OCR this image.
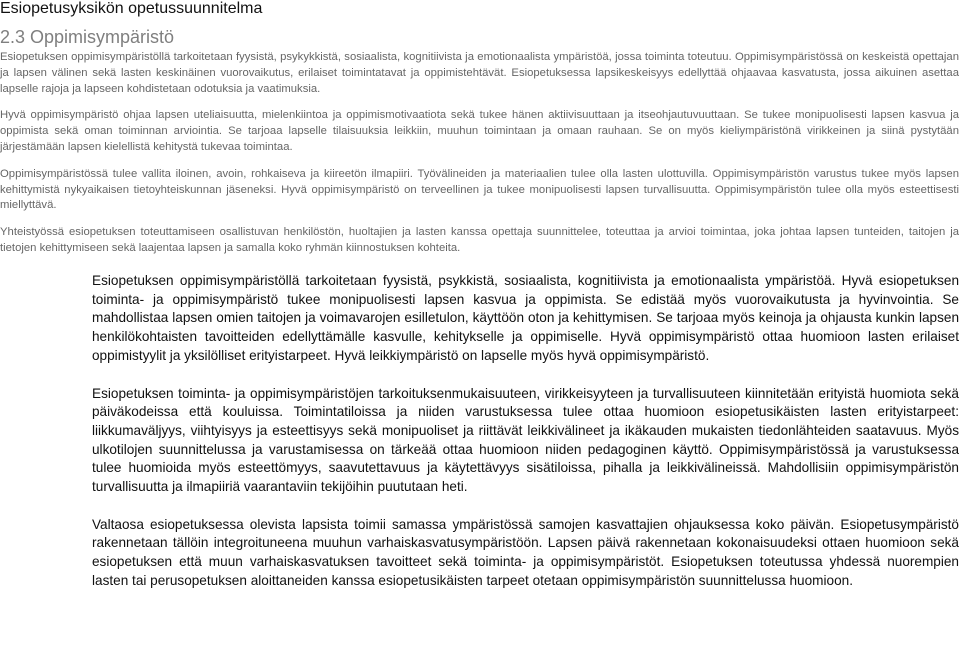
Esiopetusyksikön opetussuunnitelma
2.3 Oppimisympäristö

Esiopetuksen oppimisympäristöllä tarkoitetaan fyysistä, psykykkistä, sosiaalista, kognitiivista ja emotionaalista ympäristöä, jossa toiminta toteutuu. Oppimisympäristössä on keskeistä opettajan ja lapsen välinen sekä lasten keskinäinen vuorovaikutus, erilaiset toimintatavat ja oppimistehtävät. Esiopetuksessa lapsikeskeisyys edellyttää ohjaavaa kasvatusta, jossa aikuinen asettaa lapselle rajoja ja lapseen kohdistetaan odotuksia ja vaatimuksia.

Hyvä oppimisympäristö ohjaa lapsen uteliaisuutta, mielenkiintoa ja oppimismotivaatiota sekä tukee hänen aktiivisuuttaan ja itseohjautuvuuttaan. Se tukee monipuolisesti lapsen kasvua ja oppimista sekä oman toiminnan arviointia. Se tarjoaa lapselle tilaisuuksia leikkiin, muuhun toimintaan ja omaan rauhaan. Se on myös kieliympäristönä virikkeinen ja siinä pystytään järjestämään lapsen kielellistä kehitystä tukevaa toimintaa.

Oppimisympäristössä tulee vallita iloinen, avoin, rohkaiseva ja kiireetön ilmapiiri. Työvälineiden ja materiaalien tulee olla lasten ulottuvilla. Oppimisympäristön varustus tukee myös lapsen kehittymistä nykyaikaisen tietoyhteiskunnan jäseneksi. Hyvä oppimisympäristö on terveellinen ja tukee monipuolisesti lapsen turvallisuutta. Oppimisympäristön tulee olla myös esteettisesti miellyttävä.

Yhteistyössä esiopetuksen toteuttamiseen osallistuvan henkilöstön, huoltajien ja lasten kanssa opettaja suunnittelee, toteuttaa ja arvioi toimintaa, joka johtaa lapsen tunteiden, taitojen ja tietojen kehittymiseen sekä laajentaa lapsen ja samalla koko ryhmän kiinnostuksen kohteita.

Esiopetuksen oppimisympäristöllä tarkoitetaan fyysistä, psykkistä, sosiaalista, kognitiivista ja emotionaalista ympäristöä. Hyvä esiopetuksen toiminta- ja oppimisympäristö tukee monipuolisesti lapsen kasvua ja oppimista. Se edistää myös vuorovaikutusta ja hyvinvointia. Se mahdollistaa lapsen omien taitojen ja voimavarojen esilletulon, käyttöön oton ja kehittymisen. Se tarjoaa myös keinoja ja ohjausta kunkin lapsen henkilökohtaisten tavoitteiden edellyttämälle kasvulle, kehitykselle ja oppimiselle. Hyvä oppimisympäristö ottaa huomioon lasten erilaiset oppimistyylit ja yksilölliset erityistarpeet. Hyvä leikkiympäristö on lapselle myös hyvä oppimisympäristö.

Esiopetuksen toiminta- ja oppimisympäristöjen tarkoituksenmukaisuuteen, virikkeisyyteen ja turvallisuuteen kiinnitetään erityistä huomiota sekä päiväkodeissa että kouluissa. Toimintatiloissa ja niiden varustuksessa tulee ottaa huomioon esiopetusikäisten lasten erityistarpeet: liikkumaväljyys, viihtyisyys ja esteettisyys sekä monipuoliset ja riittävät leikkivälineet ja ikäkauden mukaisten tiedonlähteiden saatavuus. Myös ulkotilojen suunnittelussa ja varustamisessa on tärkeää ottaa huomioon niiden pedagoginen käyttö. Oppimisympäristössä ja varustuksessa tulee huomioida myös esteettömyys, saavutettavuus ja käytettävyys sisätiloissa, pihalla ja leikkivälineissä. Mahdollisiin oppimisympäristön turvallisuutta ja ilmapiiriä vaarantaviin tekijöihin puututaan heti.

Valtaosa esiopetuksessa olevista lapsista toimii samassa ympäristössä samojen kasvattajien ohjauksessa koko päivän. Esiopetusympäristö rakennetaan tällöin integroituneena muuhun varhaiskasvatusympäristöön. Lapsen päivä rakennetaan kokonaisuudeksi ottaen huomioon sekä esiopetuksen että muun varhaiskasvatuksen tavoitteet sekä toiminta- ja oppimisympäristöt. Esiopetuksen toteutussa yhdessä nuorempien lasten tai perusopetuksen aloittaneiden kanssa esiopetusikäisten tarpeet otetaan oppimisympäristön suunnittelussa huomioon.
